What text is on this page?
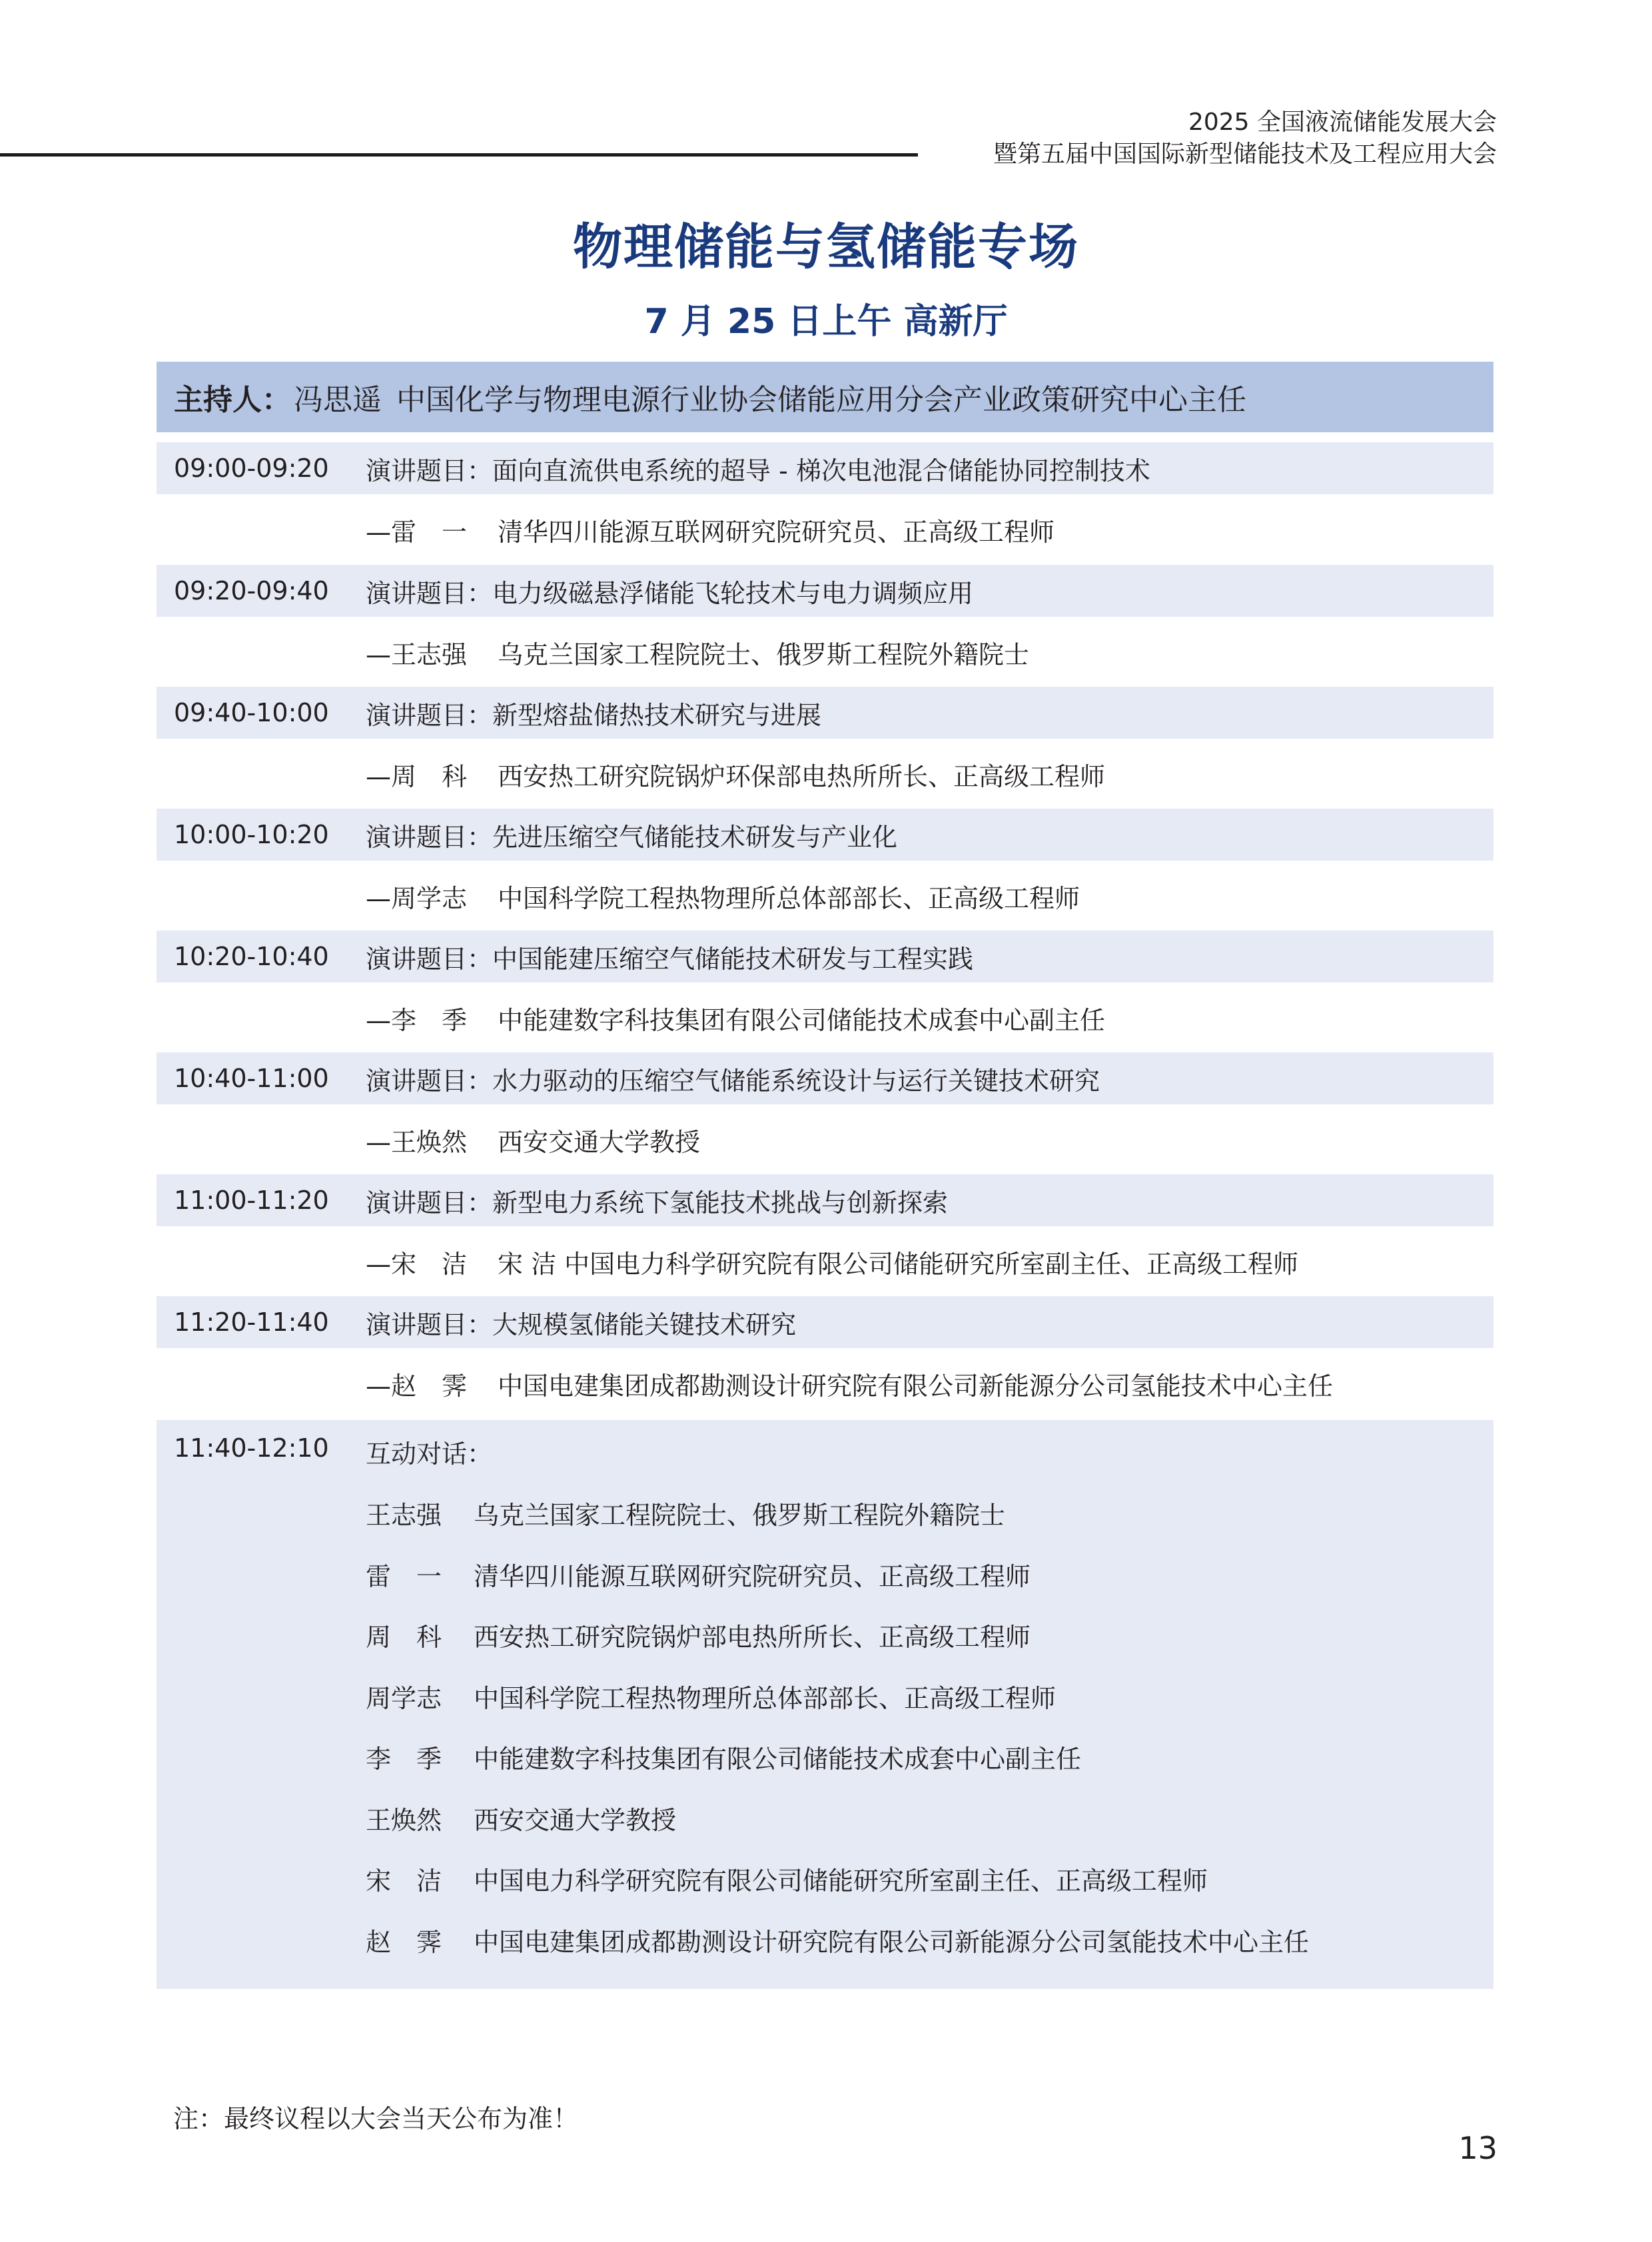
2025 全国液流储能发展大会
暨第五届中国国际新型储能技术及工程应用大会
物理储能与氢储能专场
7 月 25 日上午 高新厅
主持人： 冯思遥 中国化学与物理电源行业协会储能应用分会产业政策研究中心主任
09:00-09:20 演讲题目：面向直流供电系统的超导 - 梯次电池混合储能协同控制技术
—雷　一 清华四川能源互联网研究院研究员、正高级工程师
09:20-09:40 演讲题目：电力级磁悬浮储能飞轮技术与电力调频应用
—王志强 乌克兰国家工程院院士、俄罗斯工程院外籍院士
09:40-10:00 演讲题目：新型熔盐储热技术研究与进展
—周　科 西安热工研究院锅炉环保部电热所所长、正高级工程师
10:00-10:20 演讲题目：先进压缩空气储能技术研发与产业化
—周学志 中国科学院工程热物理所总体部部长、正高级工程师
10:20-10:40 演讲题目：中国能建压缩空气储能技术研发与工程实践
—李　季 中能建数字科技集团有限公司储能技术成套中心副主任
10:40-11:00 演讲题目：水力驱动的压缩空气储能系统设计与运行关键技术研究
—王焕然 西安交通大学教授
11:00-11:20 演讲题目：新型电力系统下氢能技术挑战与创新探索
—宋　洁 宋 洁 中国电力科学研究院有限公司储能研究所室副主任、正高级工程师
11:20-11:40 演讲题目：大规模氢储能关键技术研究
—赵　霁 中国电建集团成都勘测设计研究院有限公司新能源分公司氢能技术中心主任
11:40-12:10 互动对话：
王志强 乌克兰国家工程院院士、俄罗斯工程院外籍院士
雷　一 清华四川能源互联网研究院研究员、正高级工程师
周　科 西安热工研究院锅炉部电热所所长、正高级工程师
周学志 中国科学院工程热物理所总体部部长、正高级工程师
李　季 中能建数字科技集团有限公司储能技术成套中心副主任
王焕然 西安交通大学教授
宋　洁 中国电力科学研究院有限公司储能研究所室副主任、正高级工程师
赵　霁 中国电建集团成都勘测设计研究院有限公司新能源分公司氢能技术中心主任
注：最终议程以大会当天公布为准！
13
